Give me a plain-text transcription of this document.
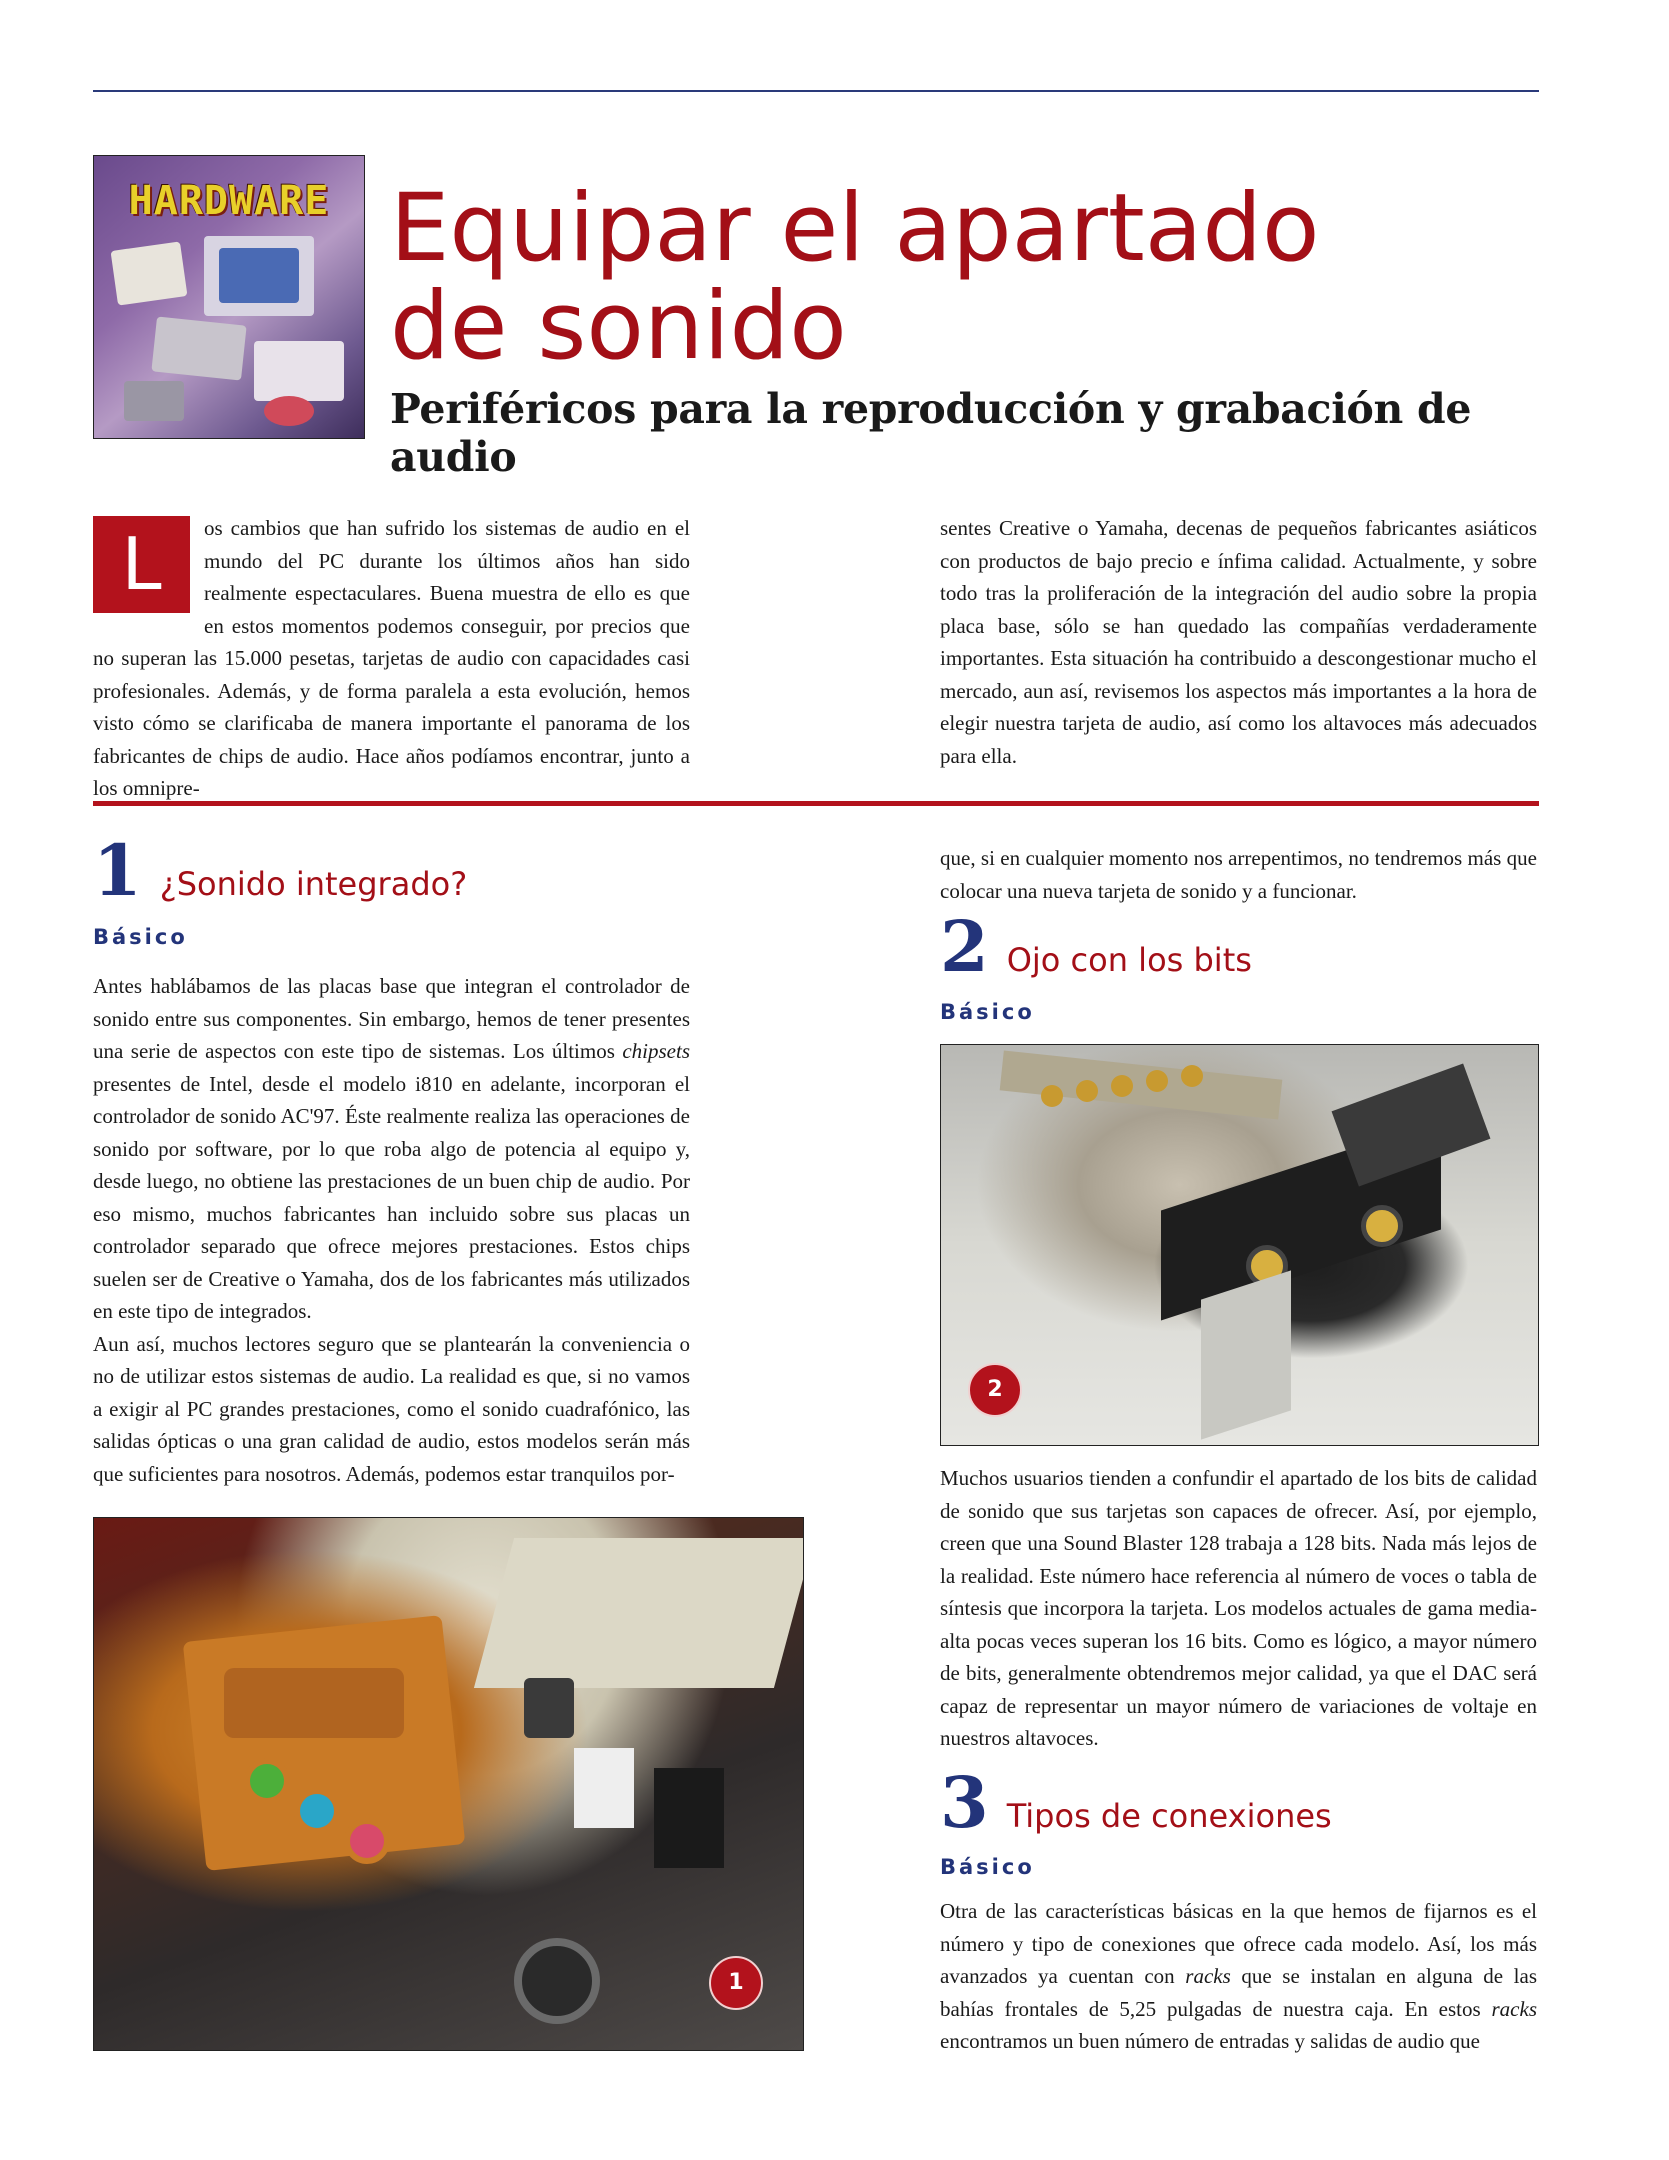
HARDWARE Equipar el apartado
de sonido
Periféricos para la reproducción y grabación de audio
L	os cambios que han sufrido los sistemas de audio en el mundo del PC durante los últimos años han sido realmente espectaculares. Buena muestra de ello es que en estos momentos podemos conseguir, por precios que no superan las 15.000 pesetas, tarjetas de audio con capacidades casi profesionales. Además, y de forma paralela a esta evolución, hemos visto cómo se clarificaba de manera importante el panorama de los fabricantes de chips de audio. Hace años podíamos encontrar, junto a los omnipre-

sentes Creative o Yamaha, decenas de pequeños fabricantes asiáticos con productos de bajo precio e ínfima calidad. Actualmente, y sobre todo tras la proliferación de la integración del audio sobre la propia placa base, sólo se han quedado las compañías verdaderamente importantes. Esta situación ha contribuido a descongestionar mucho el mercado, aun así, revisemos los aspectos más importantes a la hora de elegir nuestra tarjeta de audio, así como los altavoces más adecuados para ella.

1 ¿Sonido integrado?
Básico

Antes hablábamos de las placas base que integran el controlador de sonido entre sus componentes. Sin embargo, hemos de tener presentes una serie de aspectos con este tipo de sistemas. Los últimos chipsets presentes de Intel, desde el modelo i810 en adelante, incorporan el controlador de sonido AC'97. Éste realmente realiza las operaciones de sonido por software, por lo que roba algo de potencia al equipo y, desde luego, no obtiene las prestaciones de un buen chip de audio. Por eso mismo, muchos fabricantes han incluido sobre sus placas un controlador separado que ofrece mejores prestaciones. Estos chips suelen ser de Creative o Yamaha, dos de los fabricantes más utilizados en este tipo de integrados.

Aun así, muchos lectores seguro que se plantearán la conveniencia o no de utilizar estos sistemas de audio. La realidad es que, si no vamos a exigir al PC grandes prestaciones, como el sonido cuadrafónico, las salidas ópticas o una gran calidad de audio, estos modelos serán más que suficientes para nosotros. Además, podemos estar tranquilos por-

1

que, si en cualquier momento nos arrepentimos, no tendremos más que colocar una nueva tarjeta de sonido y a funcionar.

2 Ojo con los bits
Básico
2

Muchos usuarios tienden a confundir el apartado de los bits de calidad de sonido que sus tarjetas son capaces de ofrecer. Así, por ejemplo, creen que una Sound Blaster 128 trabaja a 128 bits. Nada más lejos de la realidad. Este número hace referencia al número de voces o tabla de síntesis que incorpora la tarjeta. Los modelos actuales de gama media-alta pocas veces superan los 16 bits. Como es lógico, a mayor número de bits, generalmente obtendremos mejor calidad, ya que el DAC será capaz de representar un mayor número de variaciones de voltaje en nuestros altavoces.

3 Tipos de conexiones
Básico

Otra de las características básicas en la que hemos de fijarnos es el número y tipo de conexiones que ofrece cada modelo. Así, los más avanzados ya cuentan con racks que se instalan en alguna de las bahías frontales de 5,25 pulgadas de nuestra caja. En estos racks encontramos un buen número de entradas y salidas de audio que
